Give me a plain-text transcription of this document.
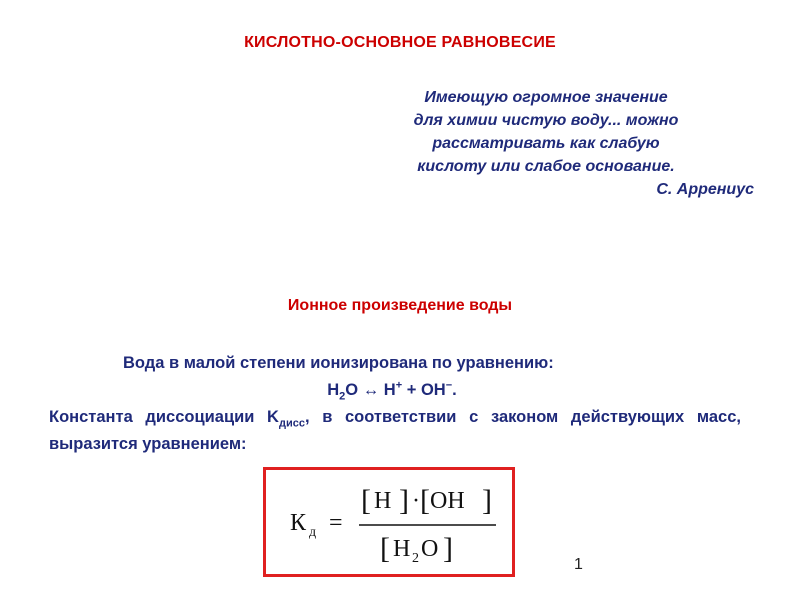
КИСЛОТНО-ОСНОВНОЕ РАВНОВЕСИЕ
Имеющую огромное значение
для химии чистую воду... можно
рассматривать как слабую
кислоту или слабое основание.
С. Аррениус
Ионное произведение воды
Вода в малой степени ионизирована по уравнению:
$H_2O$ ↔ H+ + OH−.
Константа диссоциации $K_{дисс}$, в соответствии с законом действующих масс, выразится уравнением:
К д =
[ H ] · [ OH ]
[ H 2 O ]	1
